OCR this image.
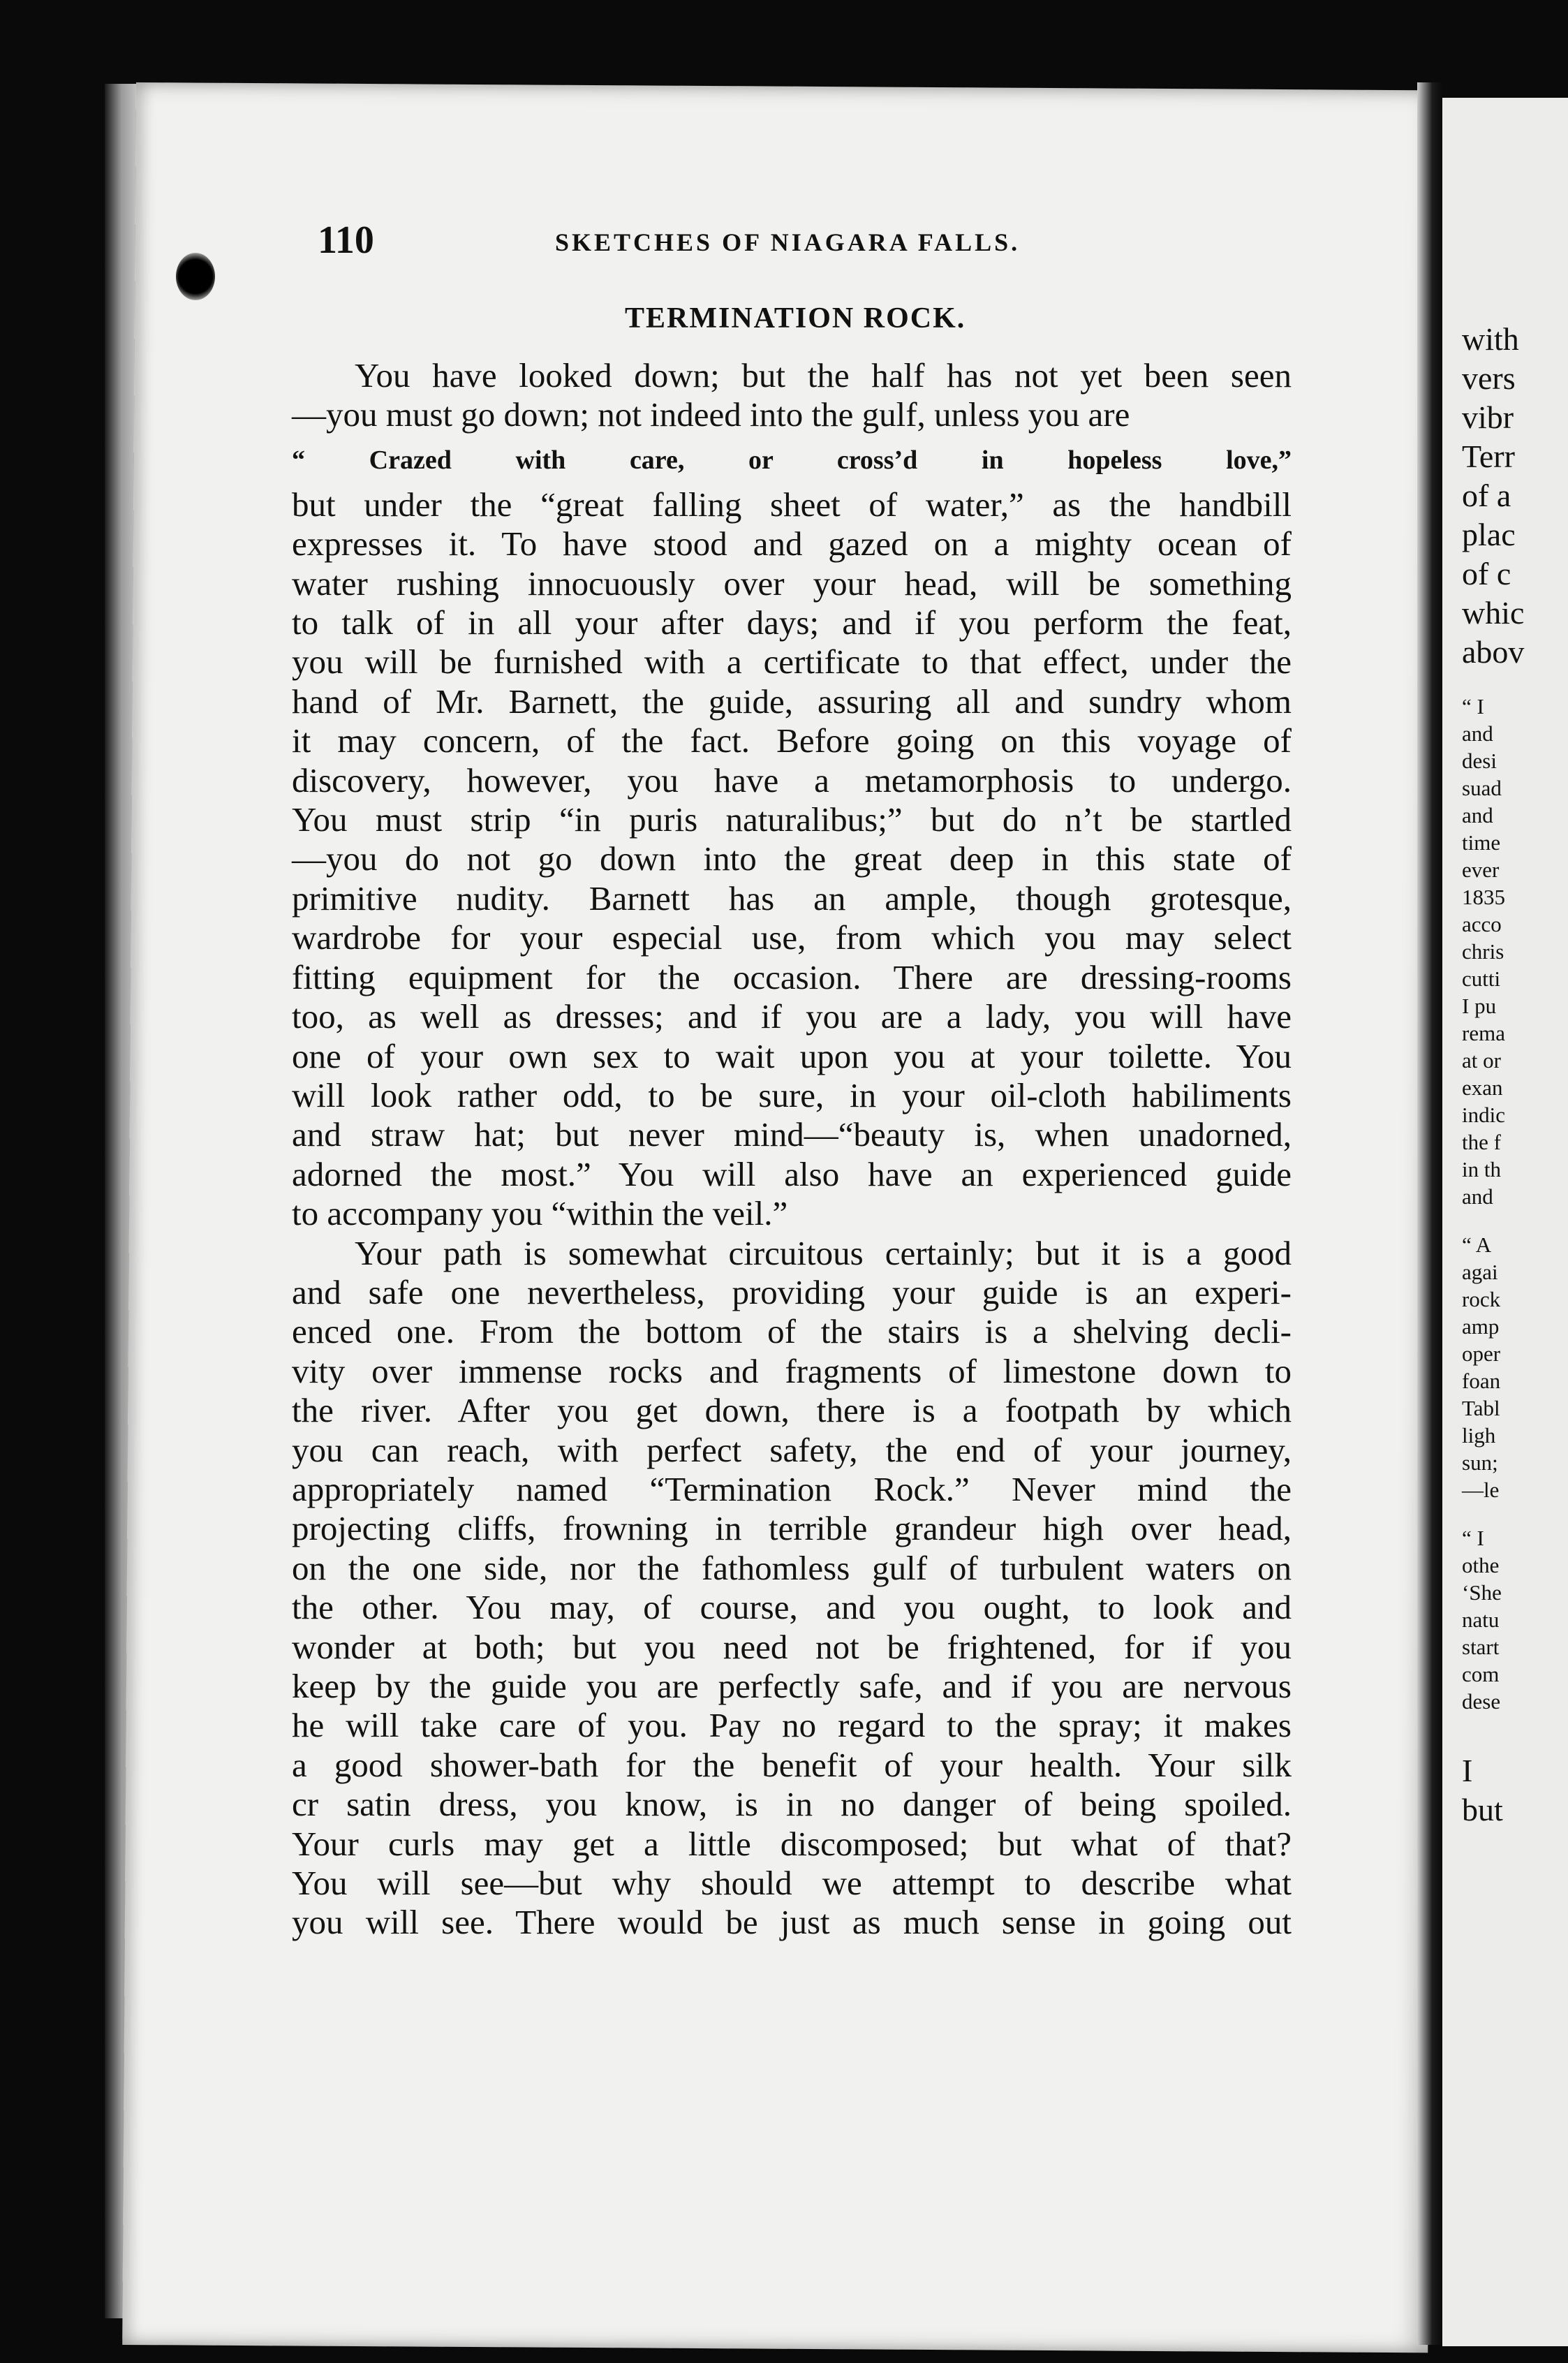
110	SKETCHES OF NIAGARA FALLS.
TERMINATION ROCK.

You have looked down; but the half has not yet been seen

—you must go down; not indeed into the gulf, unless you are

“ Crazed with care, or cross’d in hopeless love,”

but under the “great falling sheet of water,” as the handbill

expresses it. To have stood and gazed on a mighty ocean of

water rushing innocuously over your head, will be something

to talk of in all your after days; and if you perform the feat,

you will be furnished with a certificate to that effect, under the

hand of Mr. Barnett, the guide, assuring all and sundry whom

it may concern, of the fact. Before going on this voyage of

discovery, however, you have a metamorphosis to undergo.

You must strip “in puris naturalibus;” but do n’t be startled

—you do not go down into the great deep in this state of

primitive nudity. Barnett has an ample, though grotesque,

wardrobe for your especial use, from which you may select

fitting equipment for the occasion. There are dressing-rooms

too, as well as dresses; and if you are a lady, you will have

one of your own sex to wait upon you at your toilette. You

will look rather odd, to be sure, in your oil-cloth habiliments

and straw hat; but never mind—“beauty is, when unadorned,

adorned the most.” You will also have an experienced guide

to accompany you “within the veil.”

Your path is somewhat circuitous certainly; but it is a good

and safe one nevertheless, providing your guide is an experi-

enced one. From the bottom of the stairs is a shelving decli-

vity over immense rocks and fragments of limestone down to

the river. After you get down, there is a footpath by which

you can reach, with perfect safety, the end of your journey,

appropriately named “Termination Rock.” Never mind the

projecting cliffs, frowning in terrible grandeur high over head,

on the one side, nor the fathomless gulf of turbulent waters on

the other. You may, of course, and you ought, to look and

wonder at both; but you need not be frightened, for if you

keep by the guide you are perfectly safe, and if you are nervous

he will take care of you. Pay no regard to the spray; it makes

a good shower-bath for the benefit of your health. Your silk

cr satin dress, you know, is in no danger of being spoiled.

Your curls may get a little discomposed; but what of that?

You will see—but why should we attempt to describe what

you will see. There would be just as much sense in going out

with
vers
vibr
Terr
of a
plac
of c
whic
abov
“ I
and
desi
suad
and
time
ever
1835
acco
chris
cutti
I pu
rema
at or
exan
indic
the f
in th
and
“ A
agai
rock
amp
oper
foan
Tabl
ligh
sun;
—le
“ I
othe
‘She
natu
start
com
dese
I
but
